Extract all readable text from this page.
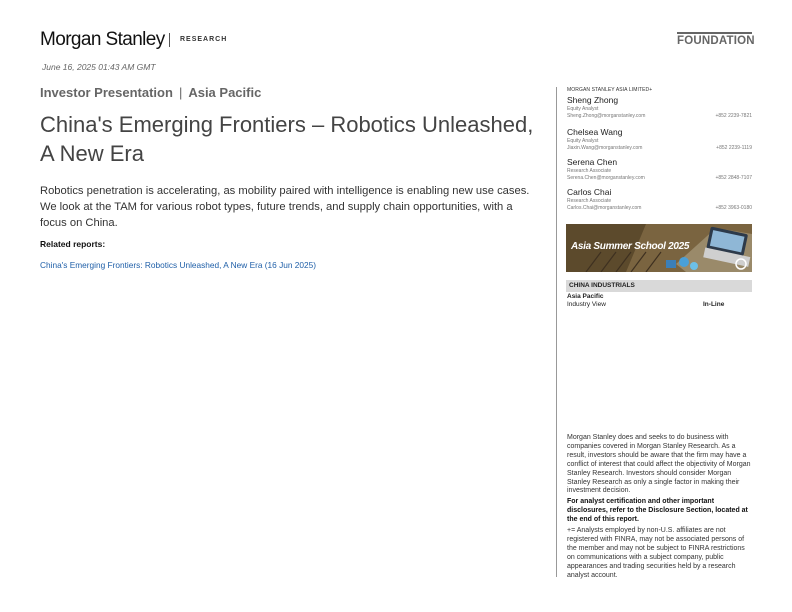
Morgan Stanley RESEARCH	FOUNDATION
June 16, 2025 01:43 AM GMT
Investor Presentation | Asia Pacific
China's Emerging Frontiers – Robotics Unleashed, A New Era
Robotics penetration is accelerating, as mobility paired with intelligence is enabling new use cases. We look at the TAM for various robot types, future trends, and supply chain opportunities, with a focus on China.
Related reports:
China's Emerging Frontiers: Robotics Unleashed, A New Era (16 Jun 2025)
MORGAN STANLEY ASIA LIMITED+
Sheng Zhong
Equity Analyst
Sheng.Zhong@morganstanley.com	+852 2239-7821
Chelsea Wang
Equity Analyst
Jiaxin.Wang@morganstanley.com	+852 2239-1119
Serena Chen
Research Associate
Serena.Chen@morganstanley.com	+852 2848-7107
Carlos Chai
Research Associate
Carlos.Chai@morganstanley.com	+852 3963-0180
Asia Summer School 2025
CHINA INDUSTRIALS
Asia Pacific
Industry View	In-Line

Morgan Stanley does and seeks to do business with companies covered in Morgan Stanley Research. As a result, investors should be aware that the firm may have a conflict of interest that could affect the objectivity of Morgan Stanley Research. Investors should consider Morgan Stanley Research as only a single factor in making their investment decision.

For analyst certification and other important disclosures, refer to the Disclosure Section, located at the end of this report.

+= Analysts employed by non-U.S. affiliates are not registered with FINRA, may not be associated persons of the member and may not be subject to FINRA restrictions on communications with a subject company, public appearances and trading securities held by a research analyst account.
